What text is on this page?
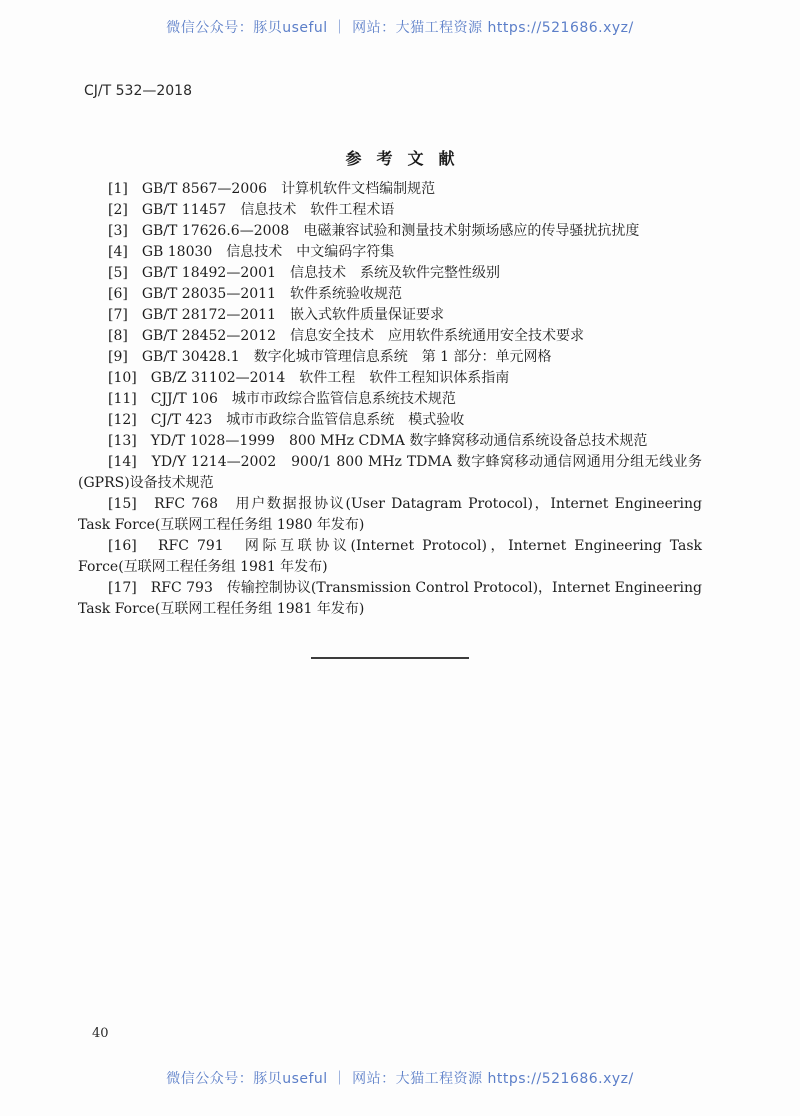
微信公众号：豚贝useful ｜ 网站：大猫工程资源 https://521686.xyz/
CJ/T 532—2018
参考文献

[1]　GB/T 8567—2006　计算机软件文档编制规范

[2]　GB/T 11457　信息技术　软件工程术语

[3]　GB/T 17626.6—2008　电磁兼容试验和测量技术射频场感应的传导骚扰抗扰度

[4]　GB 18030　信息技术　中文编码字符集

[5]　GB/T 18492—2001　信息技术　系统及软件完整性级别

[6]　GB/T 28035—2011　软件系统验收规范

[7]　GB/T 28172—2011　嵌入式软件质量保证要求

[8]　GB/T 28452—2012　信息安全技术　应用软件系统通用安全技术要求

[9]　GB/T 30428.1　数字化城市管理信息系统　第 1 部分：单元网格

[10]　GB/Z 31102—2014　软件工程　软件工程知识体系指南

[11]　CJJ/T 106　城市市政综合监管信息系统技术规范

[12]　CJ/T 423　城市市政综合监管信息系统　模式验收

[13]　YD/T 1028—1999　800 MHz CDMA 数字蜂窝移动通信系统设备总技术规范

[14]　YD/Y 1214—2002　900/1 800 MHz TDMA 数字蜂窝移动通信网通用分组无线业务(GPRS)设备技术规范

[15]　RFC 768　用户数据报协议(User Datagram Protocol)，Internet Engineering Task Force(互联网工程任务组 1980 年发布)

[16]　RFC 791　网际互联协议(Internet Protocol)，Internet Engineering Task Force(互联网工程任务组 1981 年发布)

[17]　RFC 793　传输控制协议(Transmission Control Protocol)，Internet Engineering Task Force(互联网工程任务组 1981 年发布)

40
微信公众号：豚贝useful ｜ 网站：大猫工程资源 https://521686.xyz/
